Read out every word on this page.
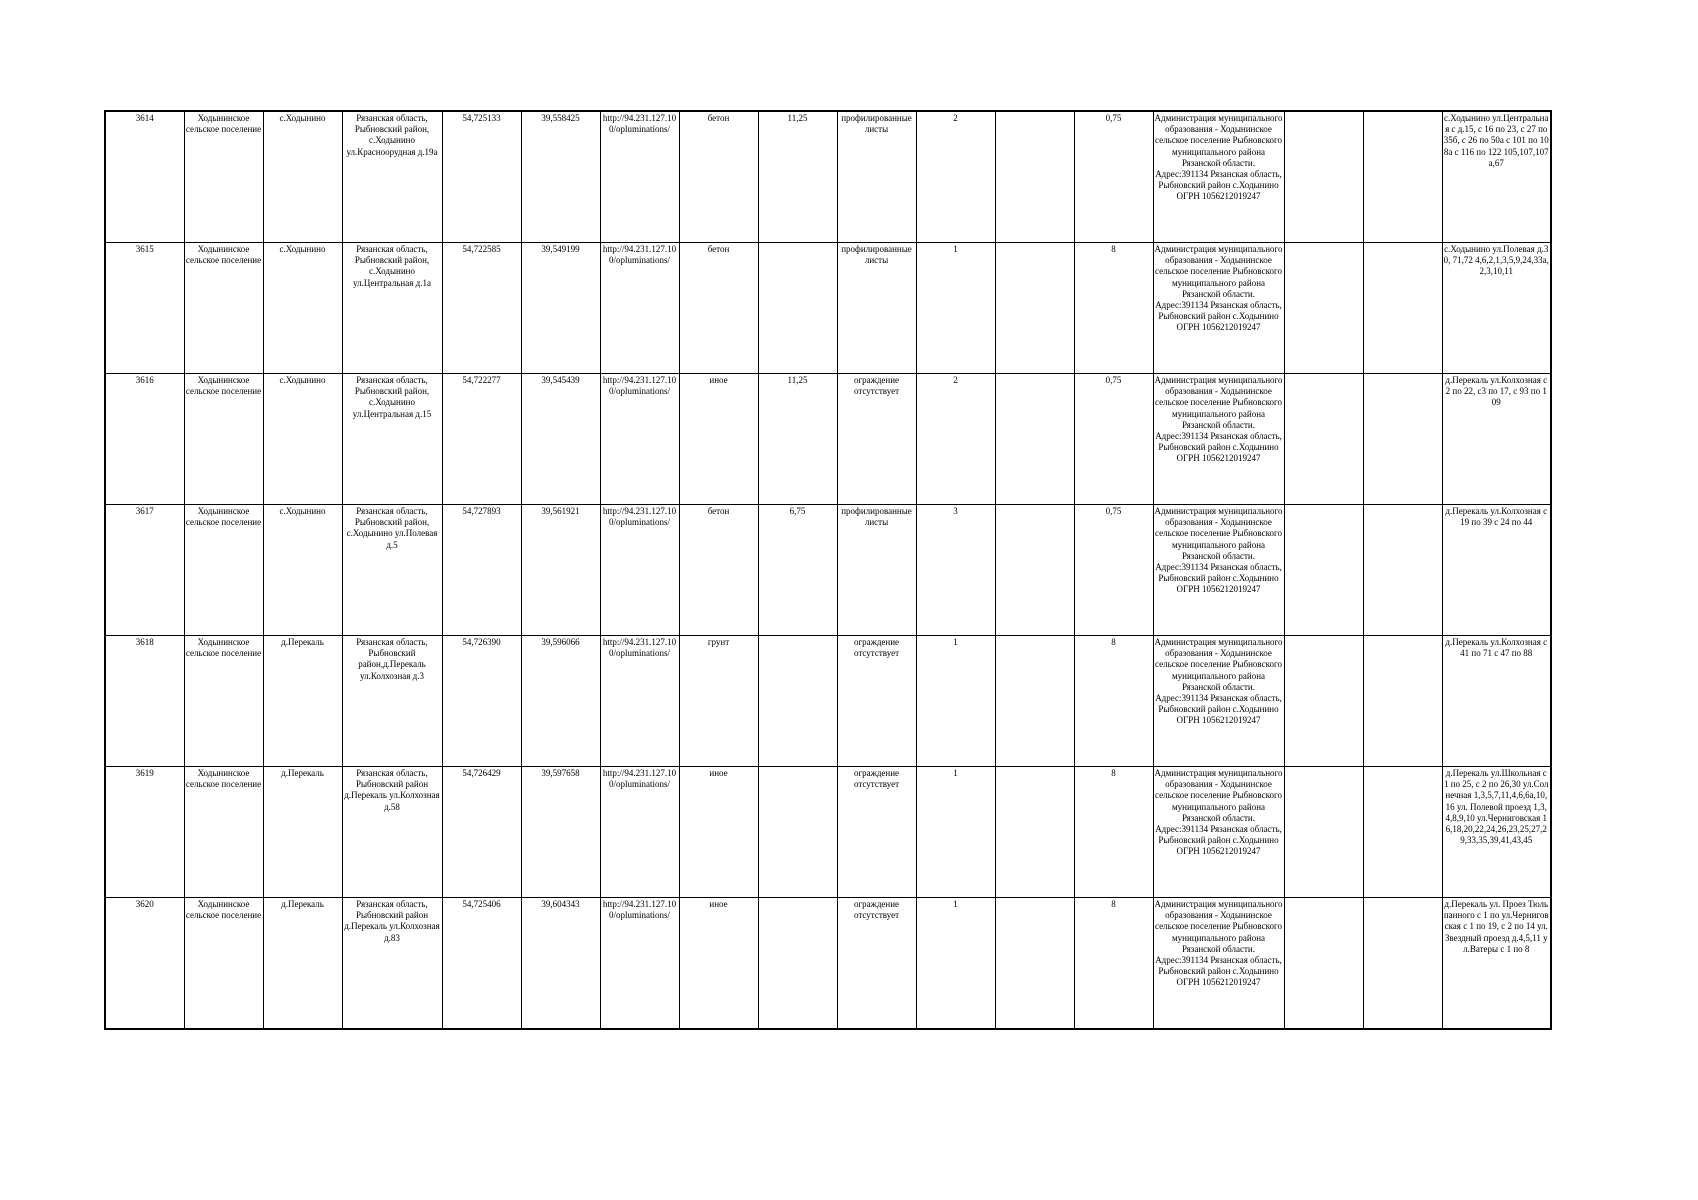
3614	Ходынинское сельское поселение	с.Ходынино	Рязанская область, Рыбновский район, с.Ходынино ул.Красноорудная д.19а	54,725133	39,558425	http://94.231.127.100/opluminations/	бетон	11,25	профилированные листы	2		0,75	Администрация муниципального образования - Ходынинское сельское поселение Рыбновского муниципального района Рязанской области. Адрес:391134 Рязанская область, Рыбновский район с.Ходынино ОГРН 1056212019247			с.Ходынино ул.Центральная с д.15, с 16 по 23, с 27 по 35б, с 26 по 50а с 101 по 108а с 116 по 122 105,107,107а,67
3615	Ходынинское сельское поселение	с.Ходынино	Рязанская область, Рыбновский район, с.Ходынино ул.Центральная д.1а	54,722585	39,549199	http://94.231.127.100/opluminations/	бетон		профилированные листы	1		8	Администрация муниципального образования - Ходынинское сельское поселение Рыбновского муниципального района Рязанской области. Адрес:391134 Рязанская область, Рыбновский район с.Ходынино ОГРН 1056212019247			с.Ходынино ул.Полевая д.30, 71,72 4,6,2,1,3,5,9,24,33а,2,3,10,11
3616	Ходынинское сельское поселение	с.Ходынино	Рязанская область, Рыбновский район, с.Ходынино ул.Центральная д.15	54,722277	39,545439	http://94.231.127.100/opluminations/	иное	11,25	ограждение отсутствует	2		0,75	Администрация муниципального образования - Ходынинское сельское поселение Рыбновского муниципального района Рязанской области. Адрес:391134 Рязанская область, Рыбновский район с.Ходынино ОГРН 1056212019247			д.Перекаль ул.Колхозная с 2 по 22, с3 по 17, с 93 по 109
3617	Ходынинское сельское поселение	с.Ходынино	Рязанская область, Рыбновский район, с.Ходынино ул.Полевая д.5	54,727893	39,561921	http://94.231.127.100/opluminations/	бетон	6,75	профилированные листы	3		0,75	Администрация муниципального образования - Ходынинское сельское поселение Рыбновского муниципального района Рязанской области. Адрес:391134 Рязанская область, Рыбновский район с.Ходынино ОГРН 1056212019247			д.Перекаль ул.Колхозная с 19 по 39 с 24 по 44
3618	Ходынинское сельское поселение	д.Перекаль	Рязанская область, Рыбновский район,д.Перекаль ул.Колхозная д.3	54,726390	39,596066	http://94.231.127.100/opluminations/	грунт		ограждение отсутствует	1		8	Администрация муниципального образования - Ходынинское сельское поселение Рыбновского муниципального района Рязанской области. Адрес:391134 Рязанская область, Рыбновский район с.Ходынино ОГРН 1056212019247			д.Перекаль ул.Колхозная с 41 по 71 с 47 по 88
3619	Ходынинское сельское поселение	д.Перекаль	Рязанская область, Рыбновский район д.Перекаль ул.Колхозная д.58	54,726429	39,597658	http://94.231.127.100/opluminations/	иное		ограждение отсутствует	1		8	Администрация муниципального образования - Ходынинское сельское поселение Рыбновского муниципального района Рязанской области. Адрес:391134 Рязанская область, Рыбновский район с.Ходынино ОГРН 1056212019247			д.Перекаль ул.Школьная с 1 по 25, с 2 по 26,30 ул.Солнечная 1,3,5,7,11,4,6,6а,10,16 ул. Полевой проезд 1,3,4,8,9,10 ул.Черниговская 16,18,20,22,24,26,23,25,27,29,33,35,39,41,43,45
3620	Ходынинское сельское поселение	д.Перекаль	Рязанская область, Рыбновский район д.Перекаль ул.Колхозная д.83	54,725406	39,604343	http://94.231.127.100/opluminations/	иное		ограждение отсутствует	1		8	Администрация муниципального образования - Ходынинское сельское поселение Рыбновского муниципального района Рязанской области. Адрес:391134 Рязанская область, Рыбновский район с.Ходынино ОГРН 1056212019247			д.Перекаль ул. Проез Тюльпанного с 1 по ул.Черниговская с 1 по 19, с 2 по 14 ул.Звездный проезд д.4,5,11 ул.Ватеры с 1 по 8
